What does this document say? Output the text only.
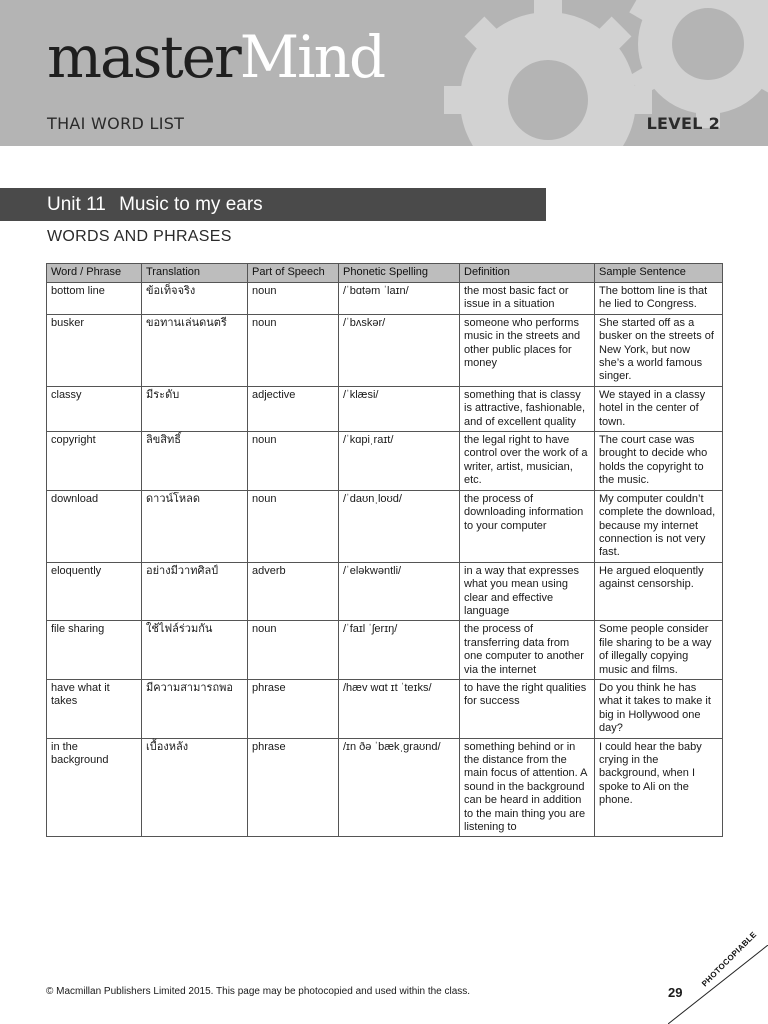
masterMind
THAI WORD LIST	LEVEL 2
Unit 11 Music to my ears
WORDS AND PHRASES
Word / Phrase	Translation	Part of Speech	Phonetic Spelling	Definition	Sample Sentence
bottom line	ข้อเท็จจริง	noun	/ˈbɑtəm ˈlaɪn/	the most basic fact or issue in a situation	The bottom line is that he lied to Congress.
busker	ขอทานเล่นดนตรี	noun	/ˈbʌskər/	someone who performs music in the streets and other public places for money	She started off as a busker on the streets of New York, but now she’s a world famous singer.
classy	มีระดับ	adjective	/ˈklæsi/	something that is classy is attractive, fashionable, and of excellent quality	We stayed in a classy hotel in the center of town.
copyright	ลิขสิทธิ์	noun	/ˈkɑpiˌraɪt/	the legal right to have control over the work of a writer, artist, musician, etc.	The court case was brought to decide who holds the copyright to the music.
download	ดาวน์โหลด	noun	/ˈdaʊnˌloʊd/	the process of downloading information to your computer	My computer couldn’t complete the download, because my internet connection is not very fast.
eloquently	อย่างมีวาทศิลป์	adverb	/ˈeləkwəntli/	in a way that expresses what you mean using clear and effective language	He argued eloquently against censorship.
file sharing	ใช้ไฟล์ร่วมกัน	noun	/ˈfaɪl ˈʃerɪŋ/	the process of transferring data from one computer to another via the internet	Some people consider file sharing to be a way of illegally copying music and films.
have what it takes	มีความสามารถพอ	phrase	/hæv wɑt ɪt ˈteɪks/	to have the right qualities for success	Do you think he has what it takes to make it big in Hollywood one day?
in the background	เบื้องหลัง	phrase	/ɪn ðə ˈbækˌgraʊnd/	something behind or in the distance from the main focus of attention. A sound in the background can be heard in addition to the main thing you are listening to	I could hear the baby crying in the background, when I spoke to Ali on the phone.
© Macmillan Publishers Limited 2015. This page may be photocopied and used within the class.	29
PHOTOCOPIABLE
